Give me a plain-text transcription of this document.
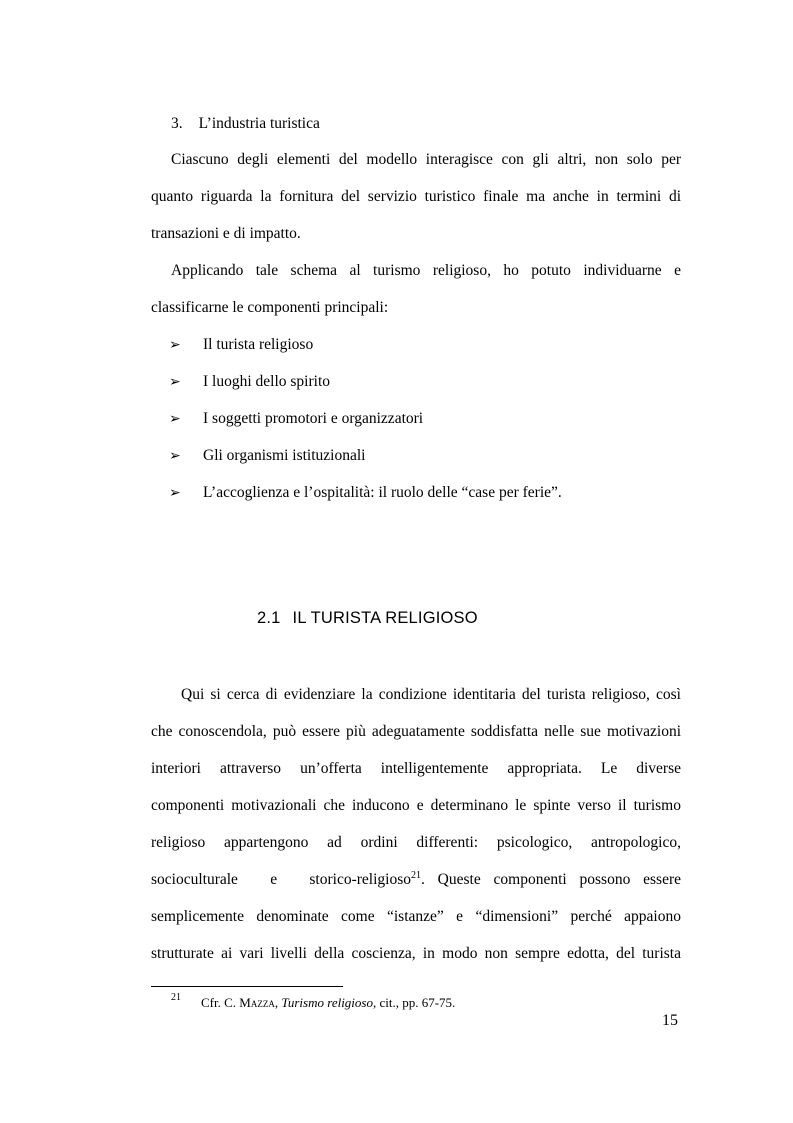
3. L’industria turistica
Ciascuno degli elementi del modello interagisce con gli altri, non solo per
quanto riguarda la fornitura del servizio turistico finale ma anche in termini di
transazioni e di impatto.
Applicando tale schema al turismo religioso, ho potuto individuarne e
classificarne le componenti principali:
➢ Il turista religioso
➢ I luoghi dello spirito
➢ I soggetti promotori e organizzatori
➢ Gli organismi istituzionali
➢ L’accoglienza e l’ospitalità: il ruolo delle “case per ferie”.
2.1 IL TURISTA RELIGIOSO
Qui si cerca di evidenziare la condizione identitaria del turista religioso, così
che conoscendola, può essere più adeguatamente soddisfatta nelle sue motivazioni
interiori attraverso un’offerta intelligentemente appropriata. Le diverse
componenti motivazionali che inducono e determinano le spinte verso il turismo
religioso appartengono ad ordini differenti: psicologico, antropologico,
socioculturale e storico-religioso $^{21}$ . Queste componenti possono essere
semplicemente denominate come “istanze” e “dimensioni” perché appaiono
strutturate ai vari livelli della coscienza, in modo non sempre edotta, del turista
21 Cfr. C. Mazza, Turismo religioso, cit., pp. 67-75.
15
